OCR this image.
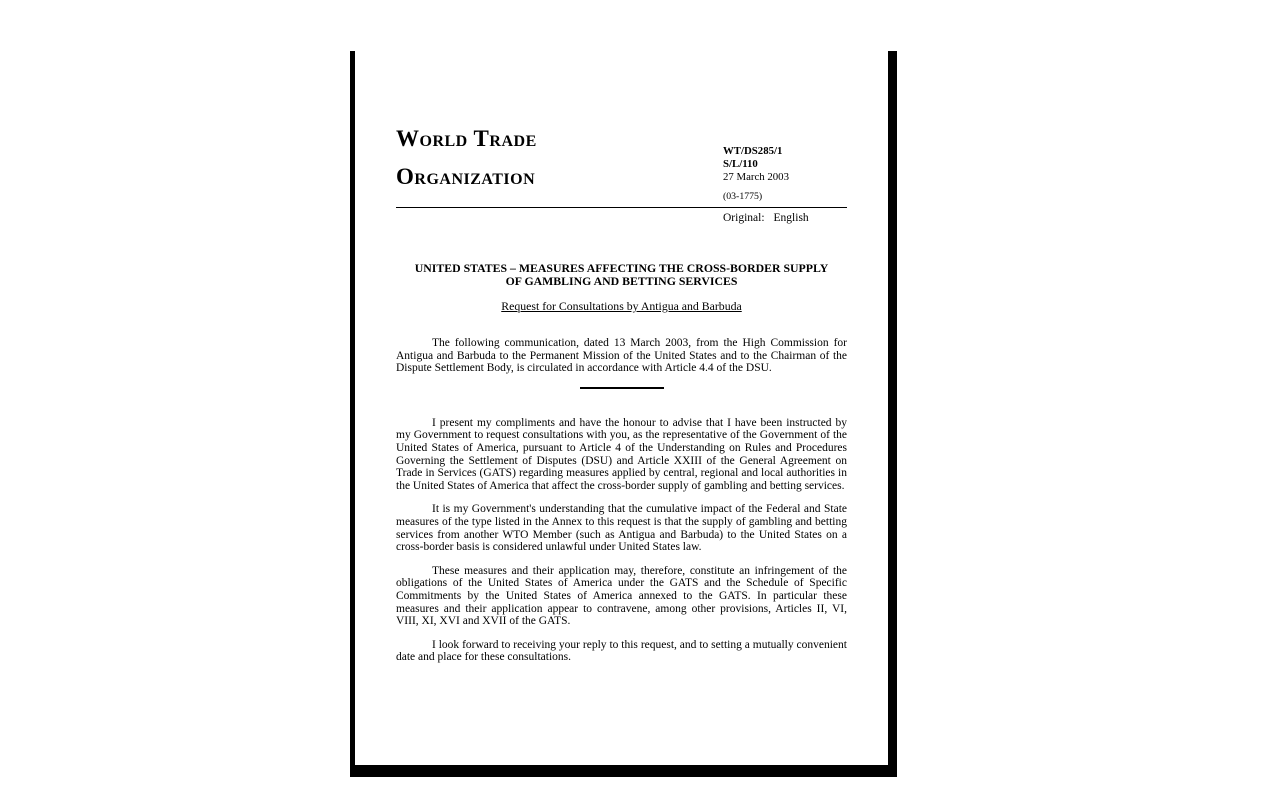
World Trade
Organization
WT/DS285/1
S/L/110
27 March 2003
(03-1775)
Original: English
UNITED STATES – MEASURES AFFECTING THE CROSS-BORDER SUPPLY
OF GAMBLING AND BETTING SERVICES
Request for Consultations by Antigua and Barbuda

The following communication, dated 13 March 2003, from the High Commission for Antigua and Barbuda to the Permanent Mission of the United States and to the Chairman of the Dispute Settlement Body, is circulated in accordance with Article 4.4 of the DSU.

I present my compliments and have the honour to advise that I have been instructed by my Government to request consultations with you, as the representative of the Government of the United States of America, pursuant to Article 4 of the Understanding on Rules and Procedures Governing the Settlement of Disputes (DSU) and Article XXIII of the General Agreement on Trade in Services (GATS) regarding measures applied by central, regional and local authorities in the United States of America that affect the cross-border supply of gambling and betting services.

It is my Government's understanding that the cumulative impact of the Federal and State measures of the type listed in the Annex to this request is that the supply of gambling and betting services from another WTO Member (such as Antigua and Barbuda) to the United States on a cross-border basis is considered unlawful under United States law.

These measures and their application may, therefore, constitute an infringement of the obligations of the United States of America under the GATS and the Schedule of Specific Commitments by the United States of America annexed to the GATS. In particular these measures and their application appear to contravene, among other provisions, Articles II, VI, VIII, XI, XVI and XVII of the GATS.

I look forward to receiving your reply to this request, and to setting a mutually convenient date and place for these consultations.
